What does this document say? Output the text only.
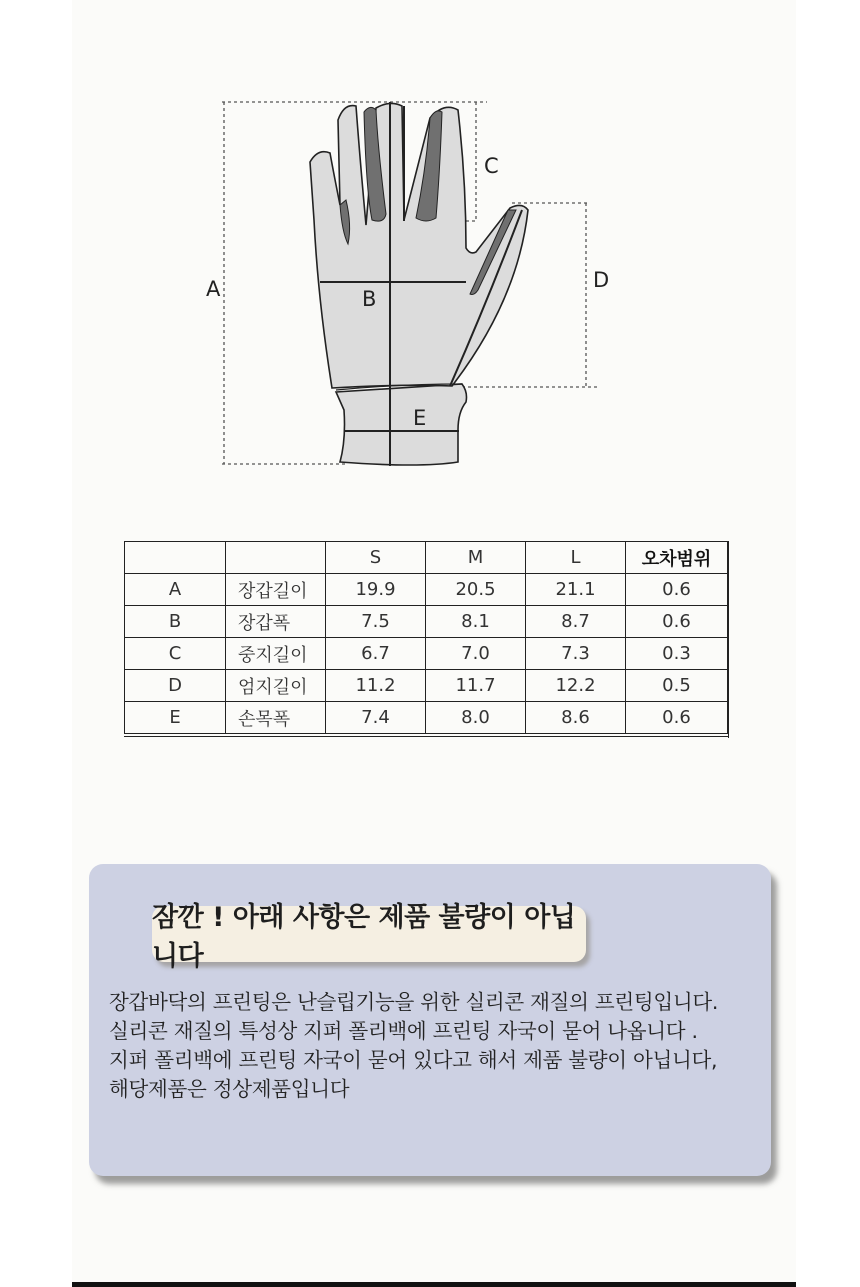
A	B
C
D
E
		S	M	L	오차범위
A	장갑길이	19.9	20.5	21.1	0.6
B	장갑폭	7.5	8.1	8.7	0.6
C	중지길이	6.7	7.0	7.3	0.3
D	엄지길이	11.2	11.7	12.2	0.5
E	손목폭	7.4	8.0	8.6	0.6
잠깐 ! 아래 사항은 제품 불량이 아닙니다
장갑바닥의 프린팅은 난슬립기능을 위한 실리콘 재질의 프린팅입니다.
실리콘 재질의 특성상 지퍼 폴리백에 프린팅 자국이 묻어 나옵니다 .
지퍼 폴리백에 프린팅 자국이 묻어 있다고 해서 제품 불량이 아닙니다,
해당제품은 정상제품입니다
